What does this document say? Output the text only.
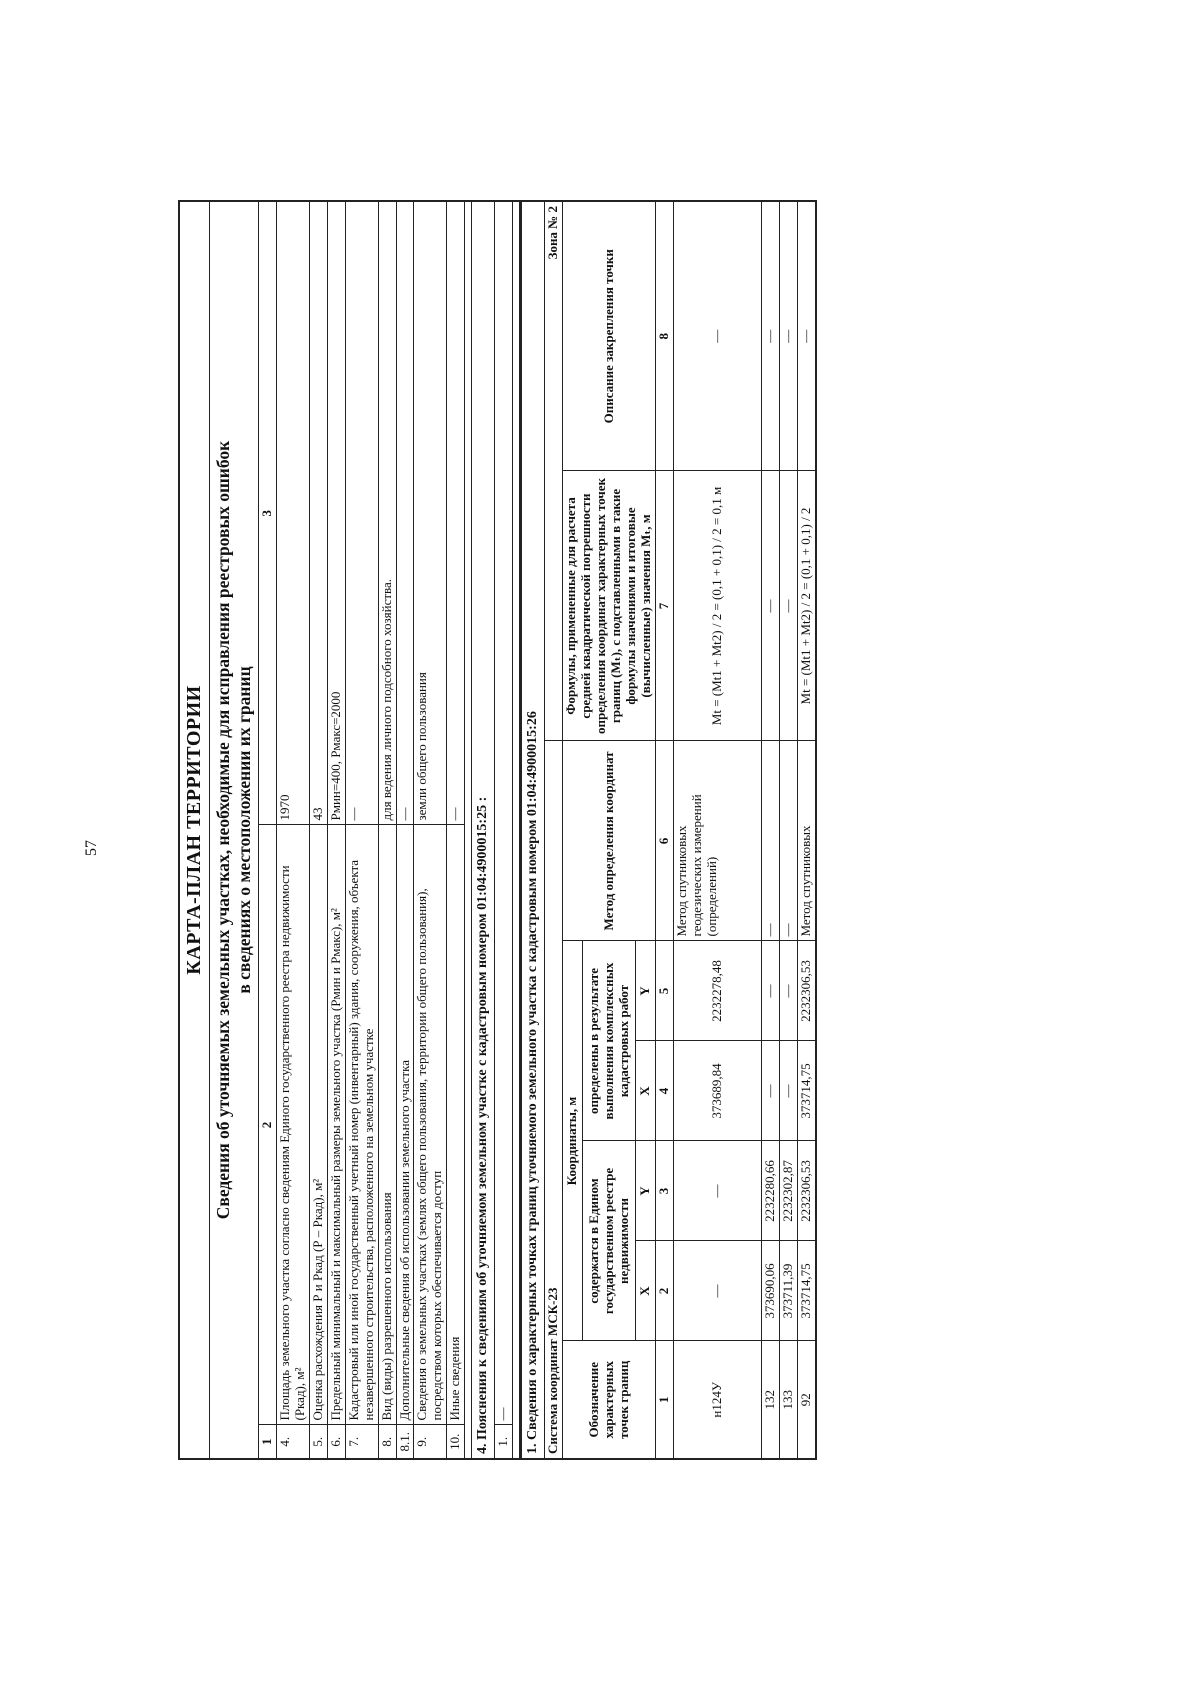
57	КАРТА-ПЛАН ТЕРРИТОРИИ		

Сведения об уточняемых земельных участках, необходимые для исправления реестровых ошибок в сведениях о местоположении их границ		

1	2	3
4.	Площадь земельного участка согласно сведениям Единого государственного реестра недвижимости (Ркад), м²	1970
5.	Оценка расхождения Р и Ркад (Р – Ркад), м²	43
6.	Предельный минимальный и максимальный размеры земельного участка (Рмин и Рмакс), м²	Рмин=400, Рмакс=2000
7.	Кадастровый или иной государственный учетный номер (инвентарный) здания, сооружения, объекта незавершенного строительства, расположенного на земельном участке	—
8.	Вид (виды) разрешенного использования	для ведения личного подсобного хозяйства.
8.1.	Дополнительные сведения об использовании земельного участка	—
9.	Сведения о земельных участках (землях общего пользования, территории общего пользования), посредством которых обеспечивается доступ	земли общего пользования
10.	Иные сведения	—

4. Пояснения к сведениям об уточняемом земельном участке с кадастровым номером 01:04:4900015:25 :		
1.	—	1. Сведения о характерных точках границ уточняемого земельного участка с кадастровым номером 01:04:4900015:26							
Система координат МСК-23						Зона № 2	
Обозначение характерных точек границ	Координаты, м				Метод определения координат	Формулы, примененные для расчета средней квадратической погрешности определения координат характерных точек границ (Mₜ), с подставленными в такие формулы значениями и итоговые (вычисленные) значения Mₜ, м	Описание закрепления точки
	содержатся в Едином государственном реестре недвижимости		определены в результате выполнения комплексных кадастровых работ				
	X	Y	X	Y			
1	2	3	4	5	6	7	8
н124У	—	—	373689,84	2232278,48	Метод спутниковых геодезических измерений (определений)	Mt = (Mt1 + Mt2) / 2 = (0,1 + 0,1) / 2 = 0,1 м	—
132	373690,06	2232280,66	—	—	—	—	—
133	373711,39	2232302,87	—	—	—	—	—
92	373714,75	2232306,53	373714,75	2232306,53	Метод спутниковых	Mt = (Mt1 + Mt2) / 2 = (0,1 + 0,1) / 2	—
